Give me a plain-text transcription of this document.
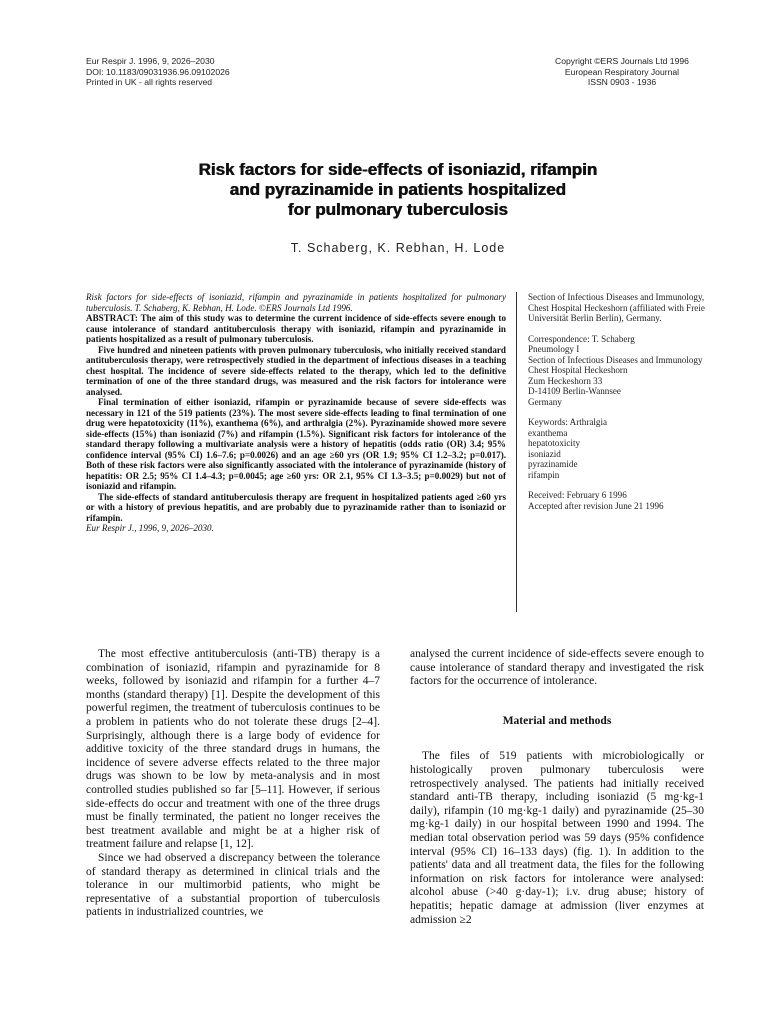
Eur Respir J. 1996, 9, 2026–2030
DOI: 10.1183/09031936.96.09102026
Printed in UK - all rights reserved
Copyright ©ERS Journals Ltd 1996
European Respiratory Journal
ISSN 0903 - 1936
Risk factors for side-effects of isoniazid, rifampin
and pyrazinamide in patients hospitalized
for pulmonary tuberculosis
T. Schaberg, K. Rebhan, H. Lode

Risk factors for side-effects of isoniazid, rifampin and pyrazinamide in patients hospitalized for pulmonary tuberculosis. T. Schaberg, K. Rebhan, H. Lode. ©ERS Journals Ltd 1996.

ABSTRACT: The aim of this study was to determine the current incidence of side-effects severe enough to cause intolerance of standard antituberculosis therapy with isoniazid, rifampin and pyrazinamide in patients hospitalized as a result of pulmonary tuberculosis.

Five hundred and nineteen patients with proven pulmonary tuberculosis, who initially received standard antituberculosis therapy, were retrospectively studied in the department of infectious diseases in a teaching chest hospital. The incidence of severe side-effects related to the therapy, which led to the definitive termination of one of the three standard drugs, was measured and the risk factors for intolerance were analysed.

Final termination of either isoniazid, rifampin or pyrazinamide because of severe side-effects was necessary in 121 of the 519 patients (23%). The most severe side-effects leading to final termination of one drug were hepatotoxicity (11%), exanthema (6%), and arthralgia (2%). Pyrazinamide showed more severe side-effects (15%) than isoniazid (7%) and rifampin (1.5%). Significant risk factors for intolerance of the standard therapy following a multivariate analysis were a history of hepatitis (odds ratio (OR) 3.4; 95% confidence interval (95% CI) 1.6–7.6; p=0.0026) and an age ≥60 yrs (OR 1.9; 95% CI 1.2–3.2; p=0.017). Both of these risk factors were also significantly associated with the intolerance of pyrazinamide (history of hepatitis: OR 2.5; 95% CI 1.4–4.3; p=0.0045; age ≥60 yrs: OR 2.1, 95% CI 1.3–3.5; p=0.0029) but not of isoniazid and rifampin.

The side-effects of standard antituberculosis therapy are frequent in hospitalized patients aged ≥60 yrs or with a history of previous hepatitis, and are probably due to pyrazinamide rather than to isoniazid or rifampin.

Eur Respir J., 1996, 9, 2026–2030.

Section of Infectious Diseases and Immunology, Chest Hospital Heckeshorn (affiliated with Freie Universität Berlin Berlin), Germany.

Correspondence: T. Schaberg

Pneumology I

Section of Infectious Diseases and Immunology

Chest Hospital Heckeshorn

Zum Heckeshorn 33

D-14109 Berlin-Wannsee

Germany

Keywords: Arthralgia

exanthema

hepatotoxicity

isoniazid

pyrazinamide

rifampin

Received: February 6 1996

Accepted after revision June 21 1996

The most effective antituberculosis (anti-TB) therapy is a combination of isoniazid, rifampin and pyrazinamide for 8 weeks, followed by isoniazid and rifampin for a further 4–7 months (standard therapy) [1]. Despite the development of this powerful regimen, the treatment of tuberculosis continues to be a problem in patients who do not tolerate these drugs [2–4]. Surprisingly, although there is a large body of evidence for additive toxicity of the three standard drugs in humans, the incidence of severe adverse effects related to the three major drugs was shown to be low by meta-analysis and in most controlled studies published so far [5–11]. However, if serious side-effects do occur and treatment with one of the three drugs must be finally terminated, the patient no longer receives the best treatment available and might be at a higher risk of treatment failure and relapse [1, 12].

Since we had observed a discrepancy between the tolerance of standard therapy as determined in clinical trials and the tolerance in our multimorbid patients, who might be representative of a substantial proportion of tuberculosis patients in industrialized countries, we

analysed the current incidence of side-effects severe enough to cause intolerance of standard therapy and investigated the risk factors for the occurrence of intolerance.

Material and methods

The files of 519 patients with microbiologically or histologically proven pulmonary tuberculosis were retrospectively analysed. The patients had initially received standard anti-TB therapy, including isoniazid (5 mg·kg-1 daily), rifampin (10 mg·kg-1 daily) and pyrazinamide (25–30 mg·kg-1 daily) in our hospital between 1990 and 1994. The median total observation period was 59 days (95% confidence interval (95% CI) 16–133 days) (fig. 1). In addition to the patients' data and all treatment data, the files for the following information on risk factors for intolerance were analysed: alcohol abuse (>40 g·day-1); i.v. drug abuse; history of hepatitis; hepatic damage at admission (liver enzymes at admission ≥2
